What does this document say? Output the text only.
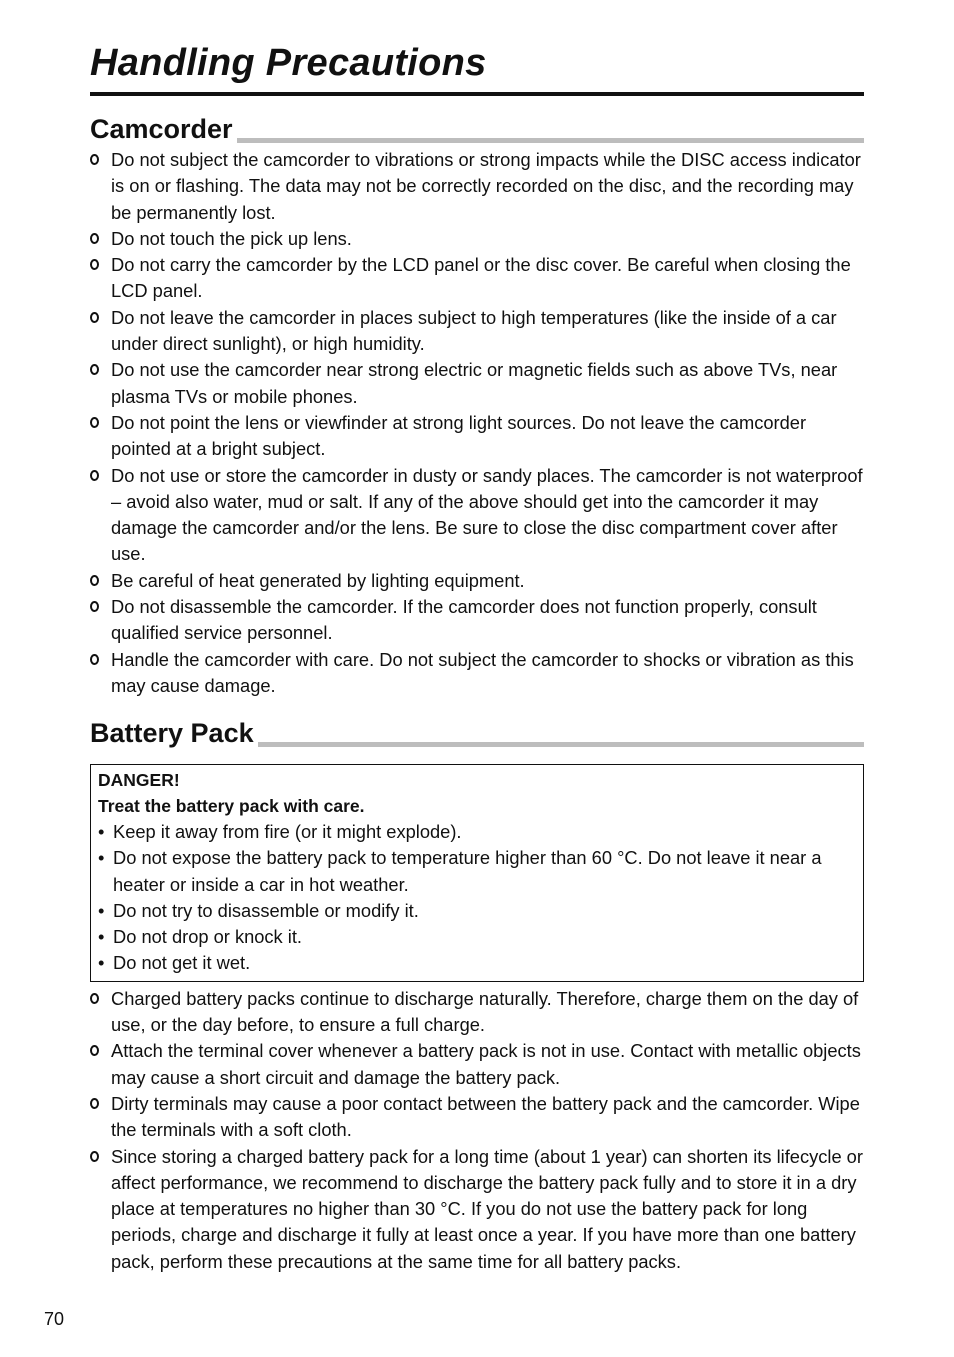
Handling Precautions
Camcorder
Do not subject the camcorder to vibrations or strong impacts while the DISC access indicator is on or flashing. The data may not be correctly recorded on the disc, and the recording may be permanently lost.
Do not touch the pick up lens.
Do not carry the camcorder by the LCD panel or the disc cover. Be careful when closing the LCD panel.
Do not leave the camcorder in places subject to high temperatures (like the inside of a car under direct sunlight), or high humidity.
Do not use the camcorder near strong electric or magnetic fields such as above TVs, near plasma TVs or mobile phones.
Do not point the lens or viewfinder at strong light sources. Do not leave the camcorder pointed at a bright subject.
Do not use or store the camcorder in dusty or sandy places. The camcorder is not waterproof – avoid also water, mud or salt. If any of the above should get into the camcorder it may damage the camcorder and/or the lens. Be sure to close the disc compartment cover after use.
Be careful of heat generated by lighting equipment.
Do not disassemble the camcorder. If the camcorder does not function properly, consult qualified service personnel.
Handle the camcorder with care. Do not subject the camcorder to shocks or vibration as this may cause damage.
Battery Pack
DANGER!
Treat the battery pack with care.
• Keep it away from fire (or it might explode).
• Do not expose the battery pack to temperature higher than 60 °C. Do not leave it near a heater or inside a car in hot weather.
• Do not try to disassemble or modify it.
• Do not drop or knock it.
• Do not get it wet.
Charged battery packs continue to discharge naturally. Therefore, charge them on the day of use, or the day before, to ensure a full charge.
Attach the terminal cover whenever a battery pack is not in use. Contact with metallic objects may cause a short circuit and damage the battery pack.
Dirty terminals may cause a poor contact between the battery pack and the camcorder. Wipe the terminals with a soft cloth.
Since storing a charged battery pack for a long time (about 1 year) can shorten its lifecycle or affect performance, we recommend to discharge the battery pack fully and to store it in a dry place at temperatures no higher than 30 °C. If you do not use the battery pack for long periods, charge and discharge it fully at least once a year. If you have more than one battery pack, perform these precautions at the same time for all battery packs.
70
